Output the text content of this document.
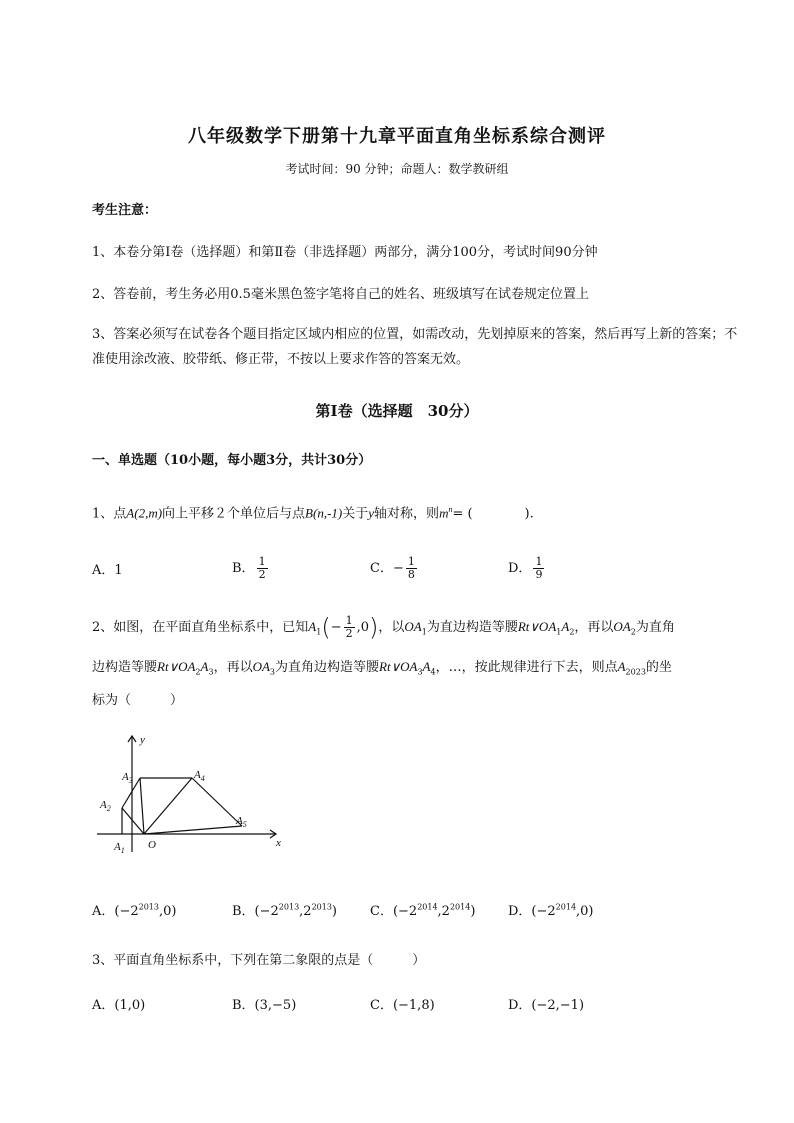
八年级数学下册第十九章平面直角坐标系综合测评
考试时间：90 分钟；命题人：数学教研组
考生注意：
1、本卷分第I卷（选择题）和第Ⅱ卷（非选择题）两部分，满分100分，考试时间90分钟
2、答卷前，考生务必用0.5毫米黑色签字笔将自己的姓名、班级填写在试卷规定位置上
3、答案必须写在试卷各个题目指定区域内相应的位置，如需改动，先划掉原来的答案，然后再写上新的答案；不准使用涂改液、胶带纸、修正带，不按以上要求作答的答案无效。
第I卷（选择题　30分）
一、单选题（10小题，每小题3分，共计30分）
1、点A(2,m)向上平移２个单位后与点B(n,-1)关于y轴对称，则$m^n=$ (　　　　).
A．1	B． $\frac{1}{2}$	C．− $\frac{1}{8}$	D． $\frac{1}{9}$
2、如图，在平面直角坐标系中，已知$A_1(- \frac{1}{2} ,0)$，以$OA_1$为直边构造等腰$Rt\vee OA_1A_2$，再以$OA_2$为直角
边构造等腰$Rt\vee OA_2A_3$，再以$OA_3$为直角边构造等腰$Rt\vee OA_3A_4$，…，按此规律进行下去，则点$A_{2023}$的坐
标为（　　　）
y
x
O
$A_1$
$A_2$
$A_3$	$A_4$
$A_5$
A．$(-2^{2013},0)$	B．$(-2^{2013},2^{2013})$	C．$(-2^{2014},2^{2014})$	D．$(-2^{2014},0)$
3、平面直角坐标系中，下列在第二象限的点是（　　　）
A．(1,0)	B．(3,−5)	C．(−1,8)	D．(−2,−1)
